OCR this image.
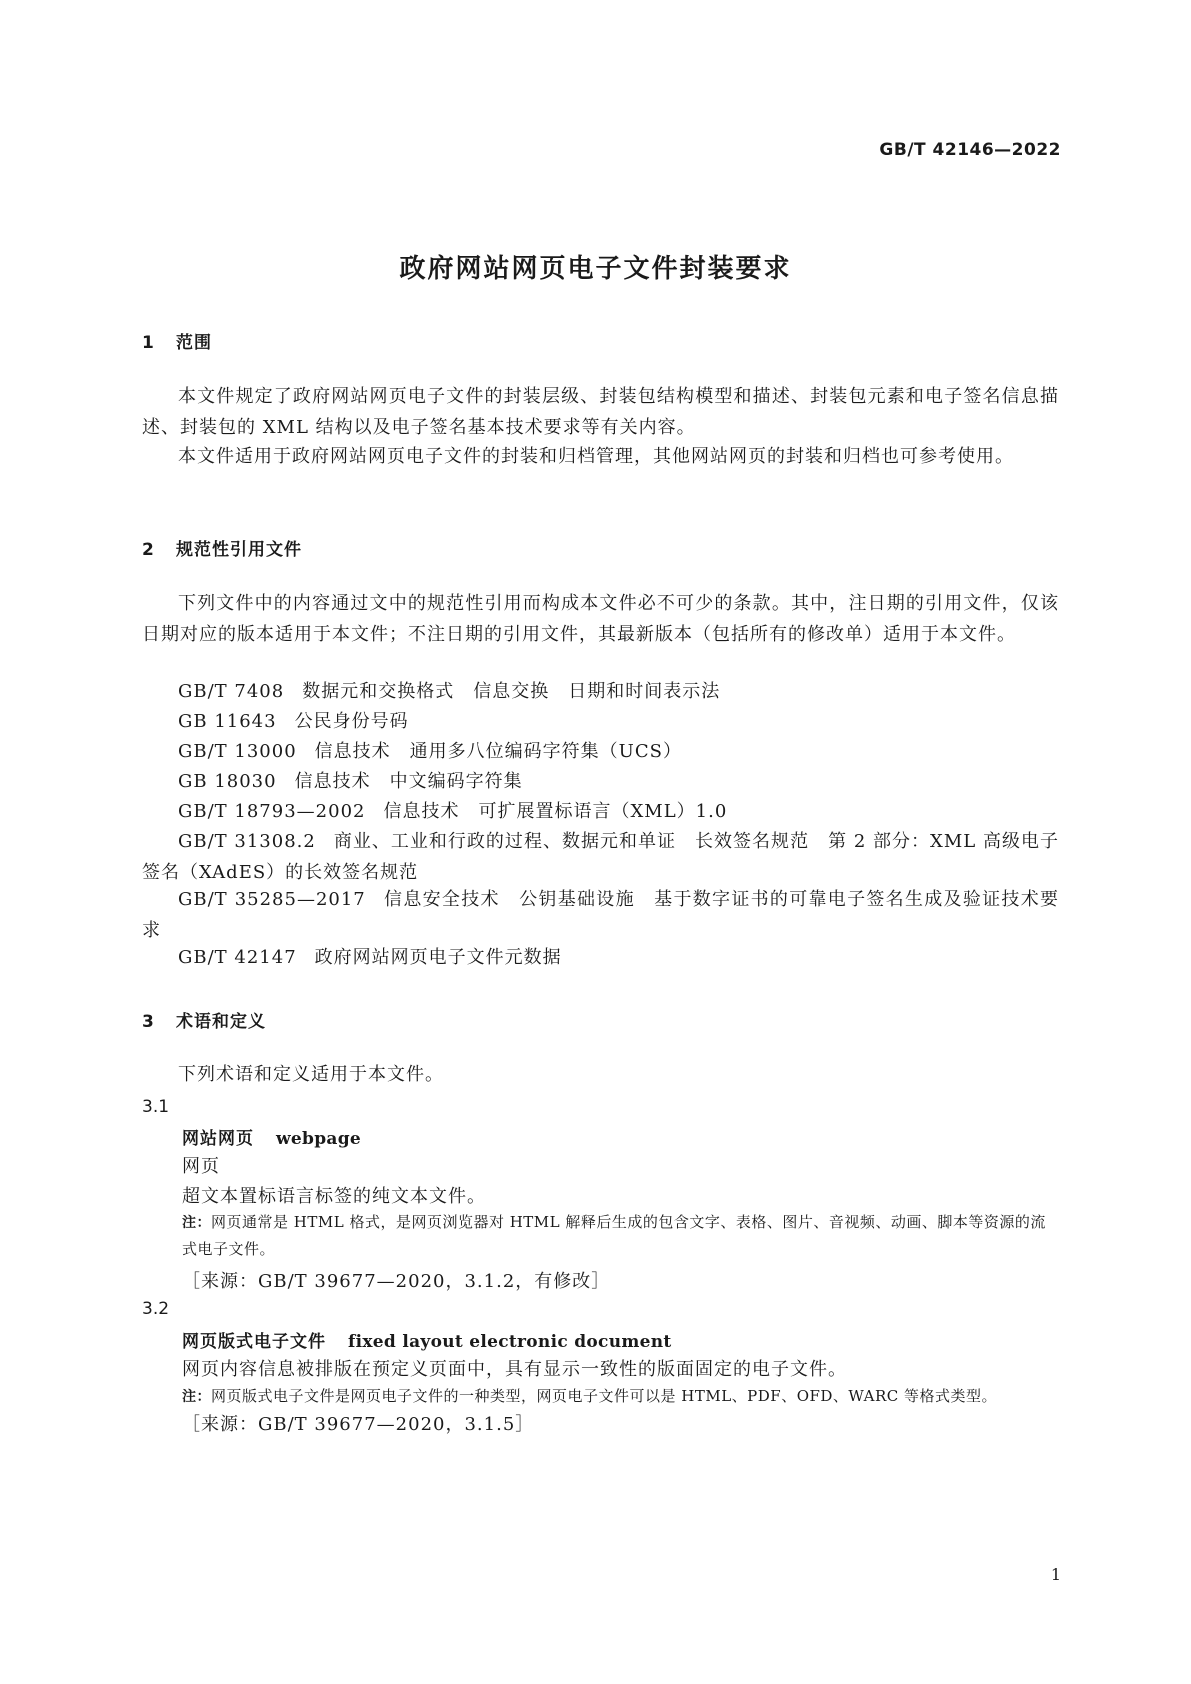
GB/T 42146—2022
政府网站网页电子文件封装要求
1 范围
本文件规定了政府网站网页电子文件的封装层级、封装包结构模型和描述、封装包元素和电子签名信息描述、封装包的 XML 结构以及电子签名基本技术要求等有关内容。
本文件适用于政府网站网页电子文件的封装和归档管理，其他网站网页的封装和归档也可参考使用。
2 规范性引用文件
下列文件中的内容通过文中的规范性引用而构成本文件必不可少的条款。其中，注日期的引用文件，仅该日期对应的版本适用于本文件；不注日期的引用文件，其最新版本（包括所有的修改单）适用于本文件。
GB/T 7408 数据元和交换格式　信息交换　日期和时间表示法
GB 11643 公民身份号码
GB/T 13000 信息技术　通用多八位编码字符集（UCS）
GB 18030 信息技术　中文编码字符集
GB/T 18793—2002 信息技术　可扩展置标语言（XML）1.0
GB/T 31308.2 商业、工业和行政的过程、数据元和单证　长效签名规范　第 2 部分：XML 高级电子签名（XAdES）的长效签名规范
GB/T 35285—2017 信息安全技术　公钥基础设施　基于数字证书的可靠电子签名生成及验证技术要求
GB/T 42147 政府网站网页电子文件元数据
3 术语和定义
下列术语和定义适用于本文件。
3.1
网站网页 webpage
网页
超文本置标语言标签的纯文本文件。
注：网页通常是 HTML 格式，是网页浏览器对 HTML 解释后生成的包含文字、表格、图片、音视频、动画、脚本等资源的流式电子文件。
［来源：GB/T 39677—2020，3.1.2，有修改］
3.2
网页版式电子文件 fixed layout electronic document
网页内容信息被排版在预定义页面中，具有显示一致性的版面固定的电子文件。
注：网页版式电子文件是网页电子文件的一种类型，网页电子文件可以是 HTML、PDF、OFD、WARC 等格式类型。
［来源：GB/T 39677—2020，3.1.5］
1
